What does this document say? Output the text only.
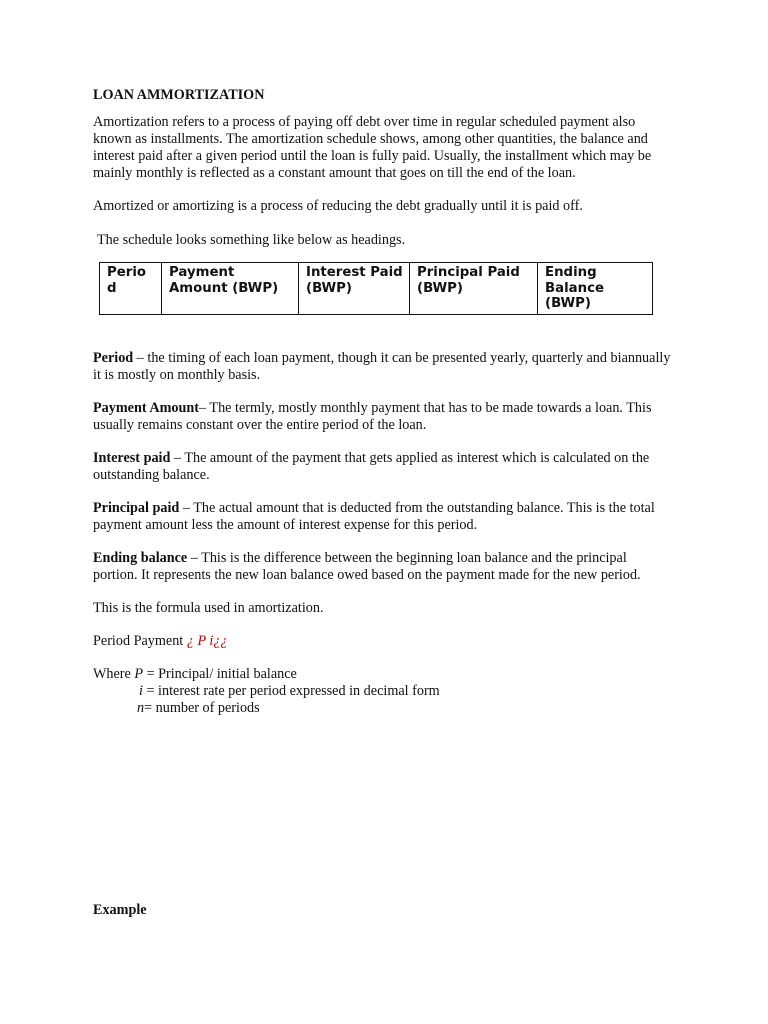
LOAN AMMORTIZATION

Amortization refers to a process of paying off debt over time in regular scheduled payment also known as installments. The amortization schedule shows, among other quantities, the balance and interest paid after a given period until the loan is fully paid. Usually, the installment which may be mainly monthly is reflected as a constant amount that goes on till the end of the loan.

Amortized or amortizing is a process of reducing the debt gradually until it is paid off.

The schedule looks something like below as headings.

Period	Payment Amount (BWP)	Interest Paid (BWP)	Principal Paid (BWP)	Ending Balance (BWP)

Period – the timing of each loan payment, though it can be presented yearly, quarterly and biannually it is mostly on monthly basis.

Payment Amount– The termly, mostly monthly payment that has to be made towards a loan. This usually remains constant over the entire period of the loan.

Interest paid – The amount of the payment that gets applied as interest which is calculated on the outstanding balance.

Principal paid – The actual amount that is deducted from the outstanding balance. This is the total payment amount less the amount of interest expense for this period.

Ending balance – This is the difference between the beginning loan balance and the principal portion. It represents the new loan balance owed based on the payment made for the new period.

This is the formula used in amortization.

Period Payment ¿ P i¿¿

Where P = Principal/ initial balance
i = interest rate per period expressed in decimal form
n= number of periods
Example
